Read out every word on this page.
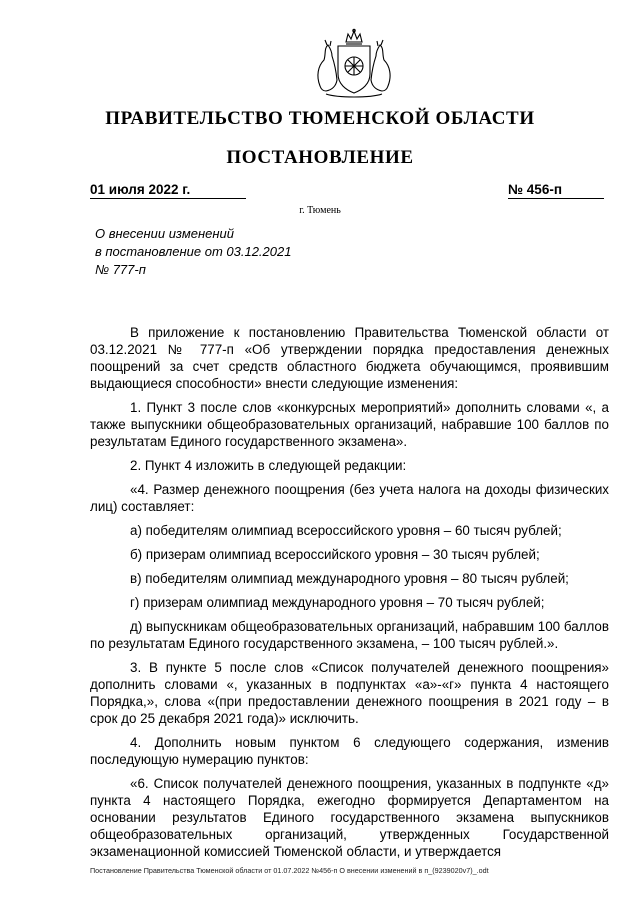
ПРАВИТЕЛЬСТВО ТЮМЕНСКОЙ ОБЛАСТИ
ПОСТАНОВЛЕНИЕ
01 июля 2022 г.	№ 456-п
г. Тюмень
О внесении изменений
в постановление от 03.12.2021
№ 777-п

В приложение к постановлению Правительства Тюменской области от 03.12.2021 № 777-п «Об утверждении порядка предоставления денежных поощрений за счет средств областного бюджета обучающимся, проявившим выдающиеся способности» внести следующие изменения:

1. Пункт 3 после слов «конкурсных мероприятий» дополнить словами «, а также выпускники общеобразовательных организаций, набравшие 100 баллов по результатам Единого государственного экзамена».

2. Пункт 4 изложить в следующей редакции:

«4. Размер денежного поощрения (без учета налога на доходы физических лиц) составляет:

а) победителям олимпиад всероссийского уровня – 60 тысяч рублей;

б) призерам олимпиад всероссийского уровня – 30 тысяч рублей;

в) победителям олимпиад международного уровня – 80 тысяч рублей;

г) призерам олимпиад международного уровня – 70 тысяч рублей;

д) выпускникам общеобразовательных организаций, набравшим 100 баллов по результатам Единого государственного экзамена, – 100 тысяч рублей.».

3. В пункте 5 после слов «Список получателей денежного поощрения» дополнить словами «, указанных в подпунктах «а»-«г» пункта 4 настоящего Порядка,», слова «(при предоставлении денежного поощрения в 2021 году – в срок до 25 декабря 2021 года)» исключить.

4. Дополнить новым пунктом 6 следующего содержания, изменив последующую нумерацию пунктов:

«6. Список получателей денежного поощрения, указанных в подпункте «д» пункта 4 настоящего Порядка, ежегодно формируется Департаментом на основании результатов Единого государственного экзамена выпускников общеобразовательных организаций, утвержденных Государственной экзаменационной комиссией Тюменской области, и утверждается

Постановление Правительства Тюменской области от 01.07.2022 №456-п О внесении изменений в п_(9239020v7)_.odt
